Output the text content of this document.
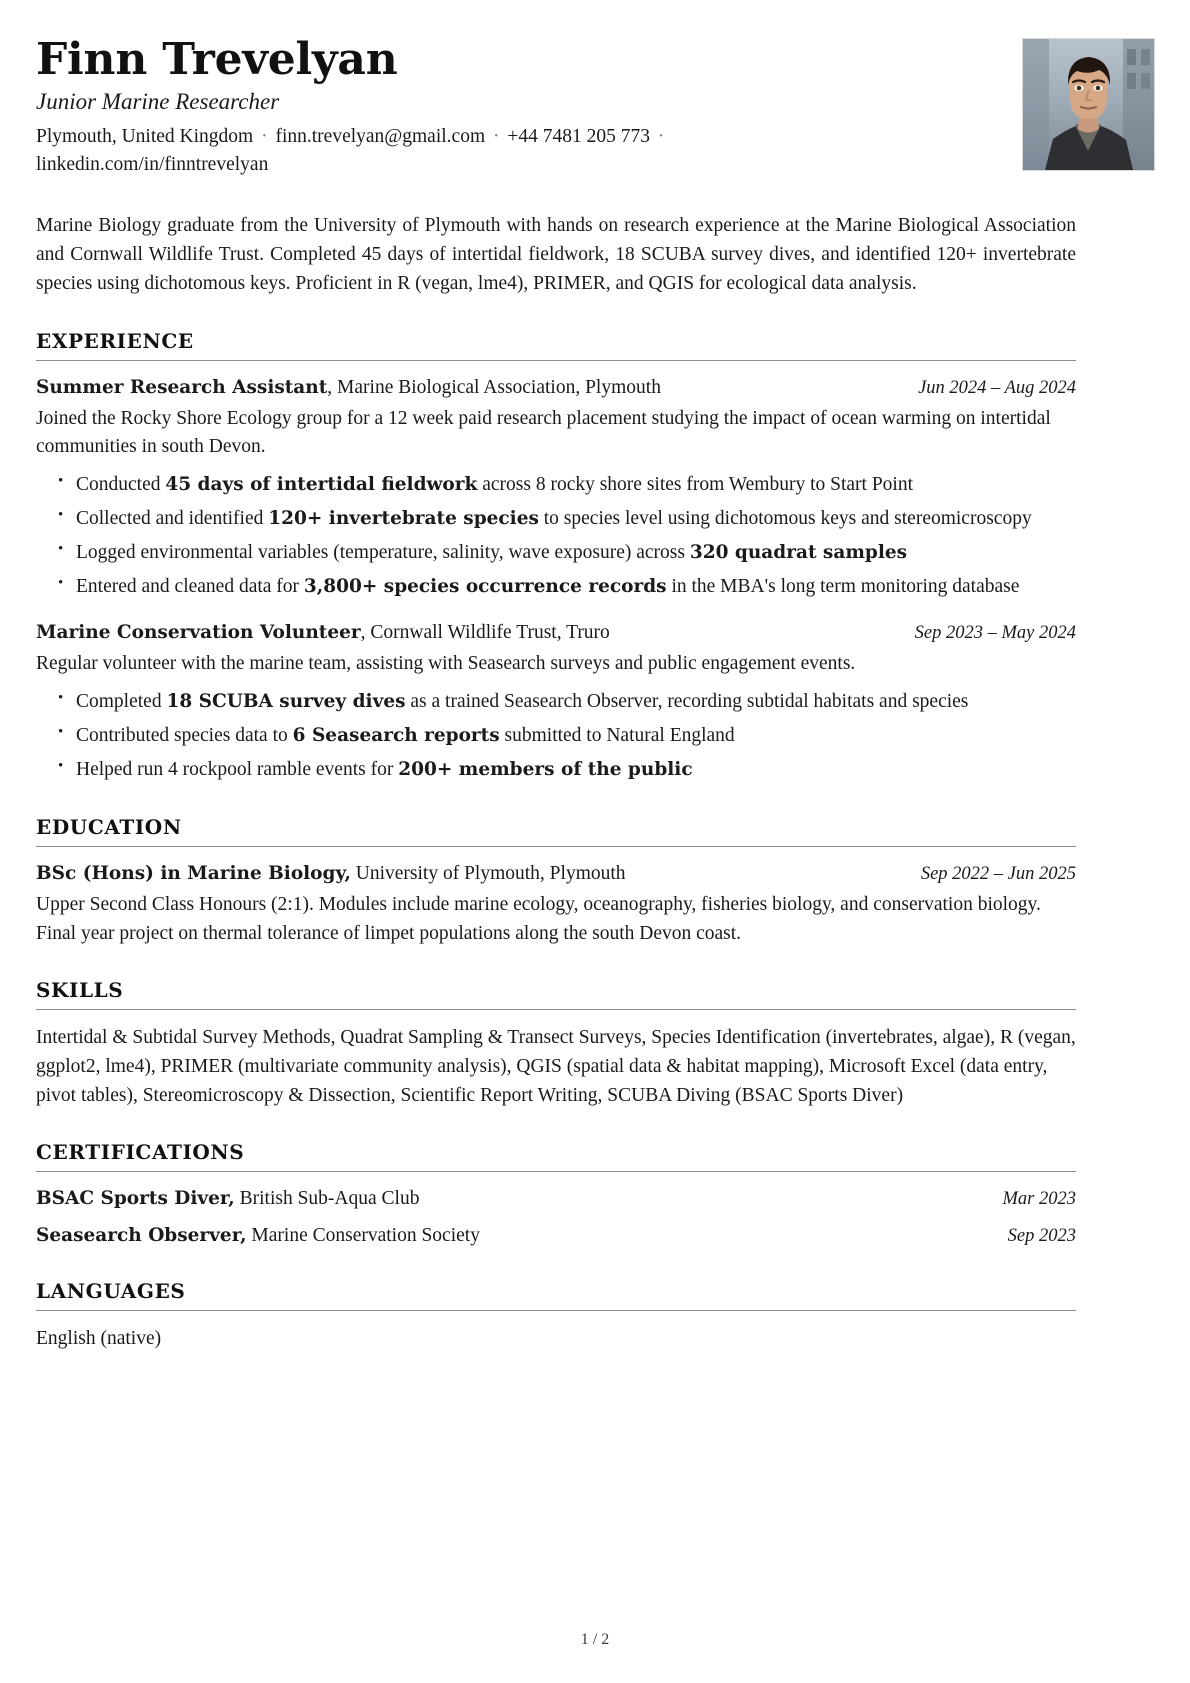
Finn Trevelyan
Junior Marine Researcher
Plymouth, United Kingdom · finn.trevelyan@gmail.com · +44 7481 205 773 · linkedin.com/in/finntrevelyan
Marine Biology graduate from the University of Plymouth with hands on research experience at the Marine Biological Association and Cornwall Wildlife Trust. Completed 45 days of intertidal fieldwork, 18 SCUBA survey dives, and identified 120+ invertebrate species using dichotomous keys. Proficient in R (vegan, lme4), PRIMER, and QGIS for ecological data analysis.
EXPERIENCE
Summer Research Assistant, Marine Biological Association, Plymouth	Jun 2024 – Aug 2024
Joined the Rocky Shore Ecology group for a 12 week paid research placement studying the impact of ocean warming on intertidal communities in south Devon.
• Conducted 45 days of intertidal fieldwork across 8 rocky shore sites from Wembury to Start Point
• Collected and identified 120+ invertebrate species to species level using dichotomous keys and stereomicroscopy
• Logged environmental variables (temperature, salinity, wave exposure) across 320 quadrat samples
• Entered and cleaned data for 3,800+ species occurrence records in the MBA's long term monitoring database
Marine Conservation Volunteer, Cornwall Wildlife Trust, Truro	Sep 2023 – May 2024
Regular volunteer with the marine team, assisting with Seasearch surveys and public engagement events.
• Completed 18 SCUBA survey dives as a trained Seasearch Observer, recording subtidal habitats and species
• Contributed species data to 6 Seasearch reports submitted to Natural England
• Helped run 4 rockpool ramble events for 200+ members of the public
EDUCATION
BSc (Hons) in Marine Biology, University of Plymouth, Plymouth	Sep 2022 – Jun 2025
Upper Second Class Honours (2:1). Modules include marine ecology, oceanography, fisheries biology, and conservation biology. Final year project on thermal tolerance of limpet populations along the south Devon coast.
SKILLS
Intertidal & Subtidal Survey Methods, Quadrat Sampling & Transect Surveys, Species Identification (invertebrates, algae), R (vegan, ggplot2, lme4), PRIMER (multivariate community analysis), QGIS (spatial data & habitat mapping), Microsoft Excel (data entry, pivot tables), Stereomicroscopy & Dissection, Scientific Report Writing, SCUBA Diving (BSAC Sports Diver)
CERTIFICATIONS
BSAC Sports Diver, British Sub-Aqua Club	Mar 2023
Seasearch Observer, Marine Conservation Society	Sep 2023
LANGUAGES
English (native)
1 / 2
